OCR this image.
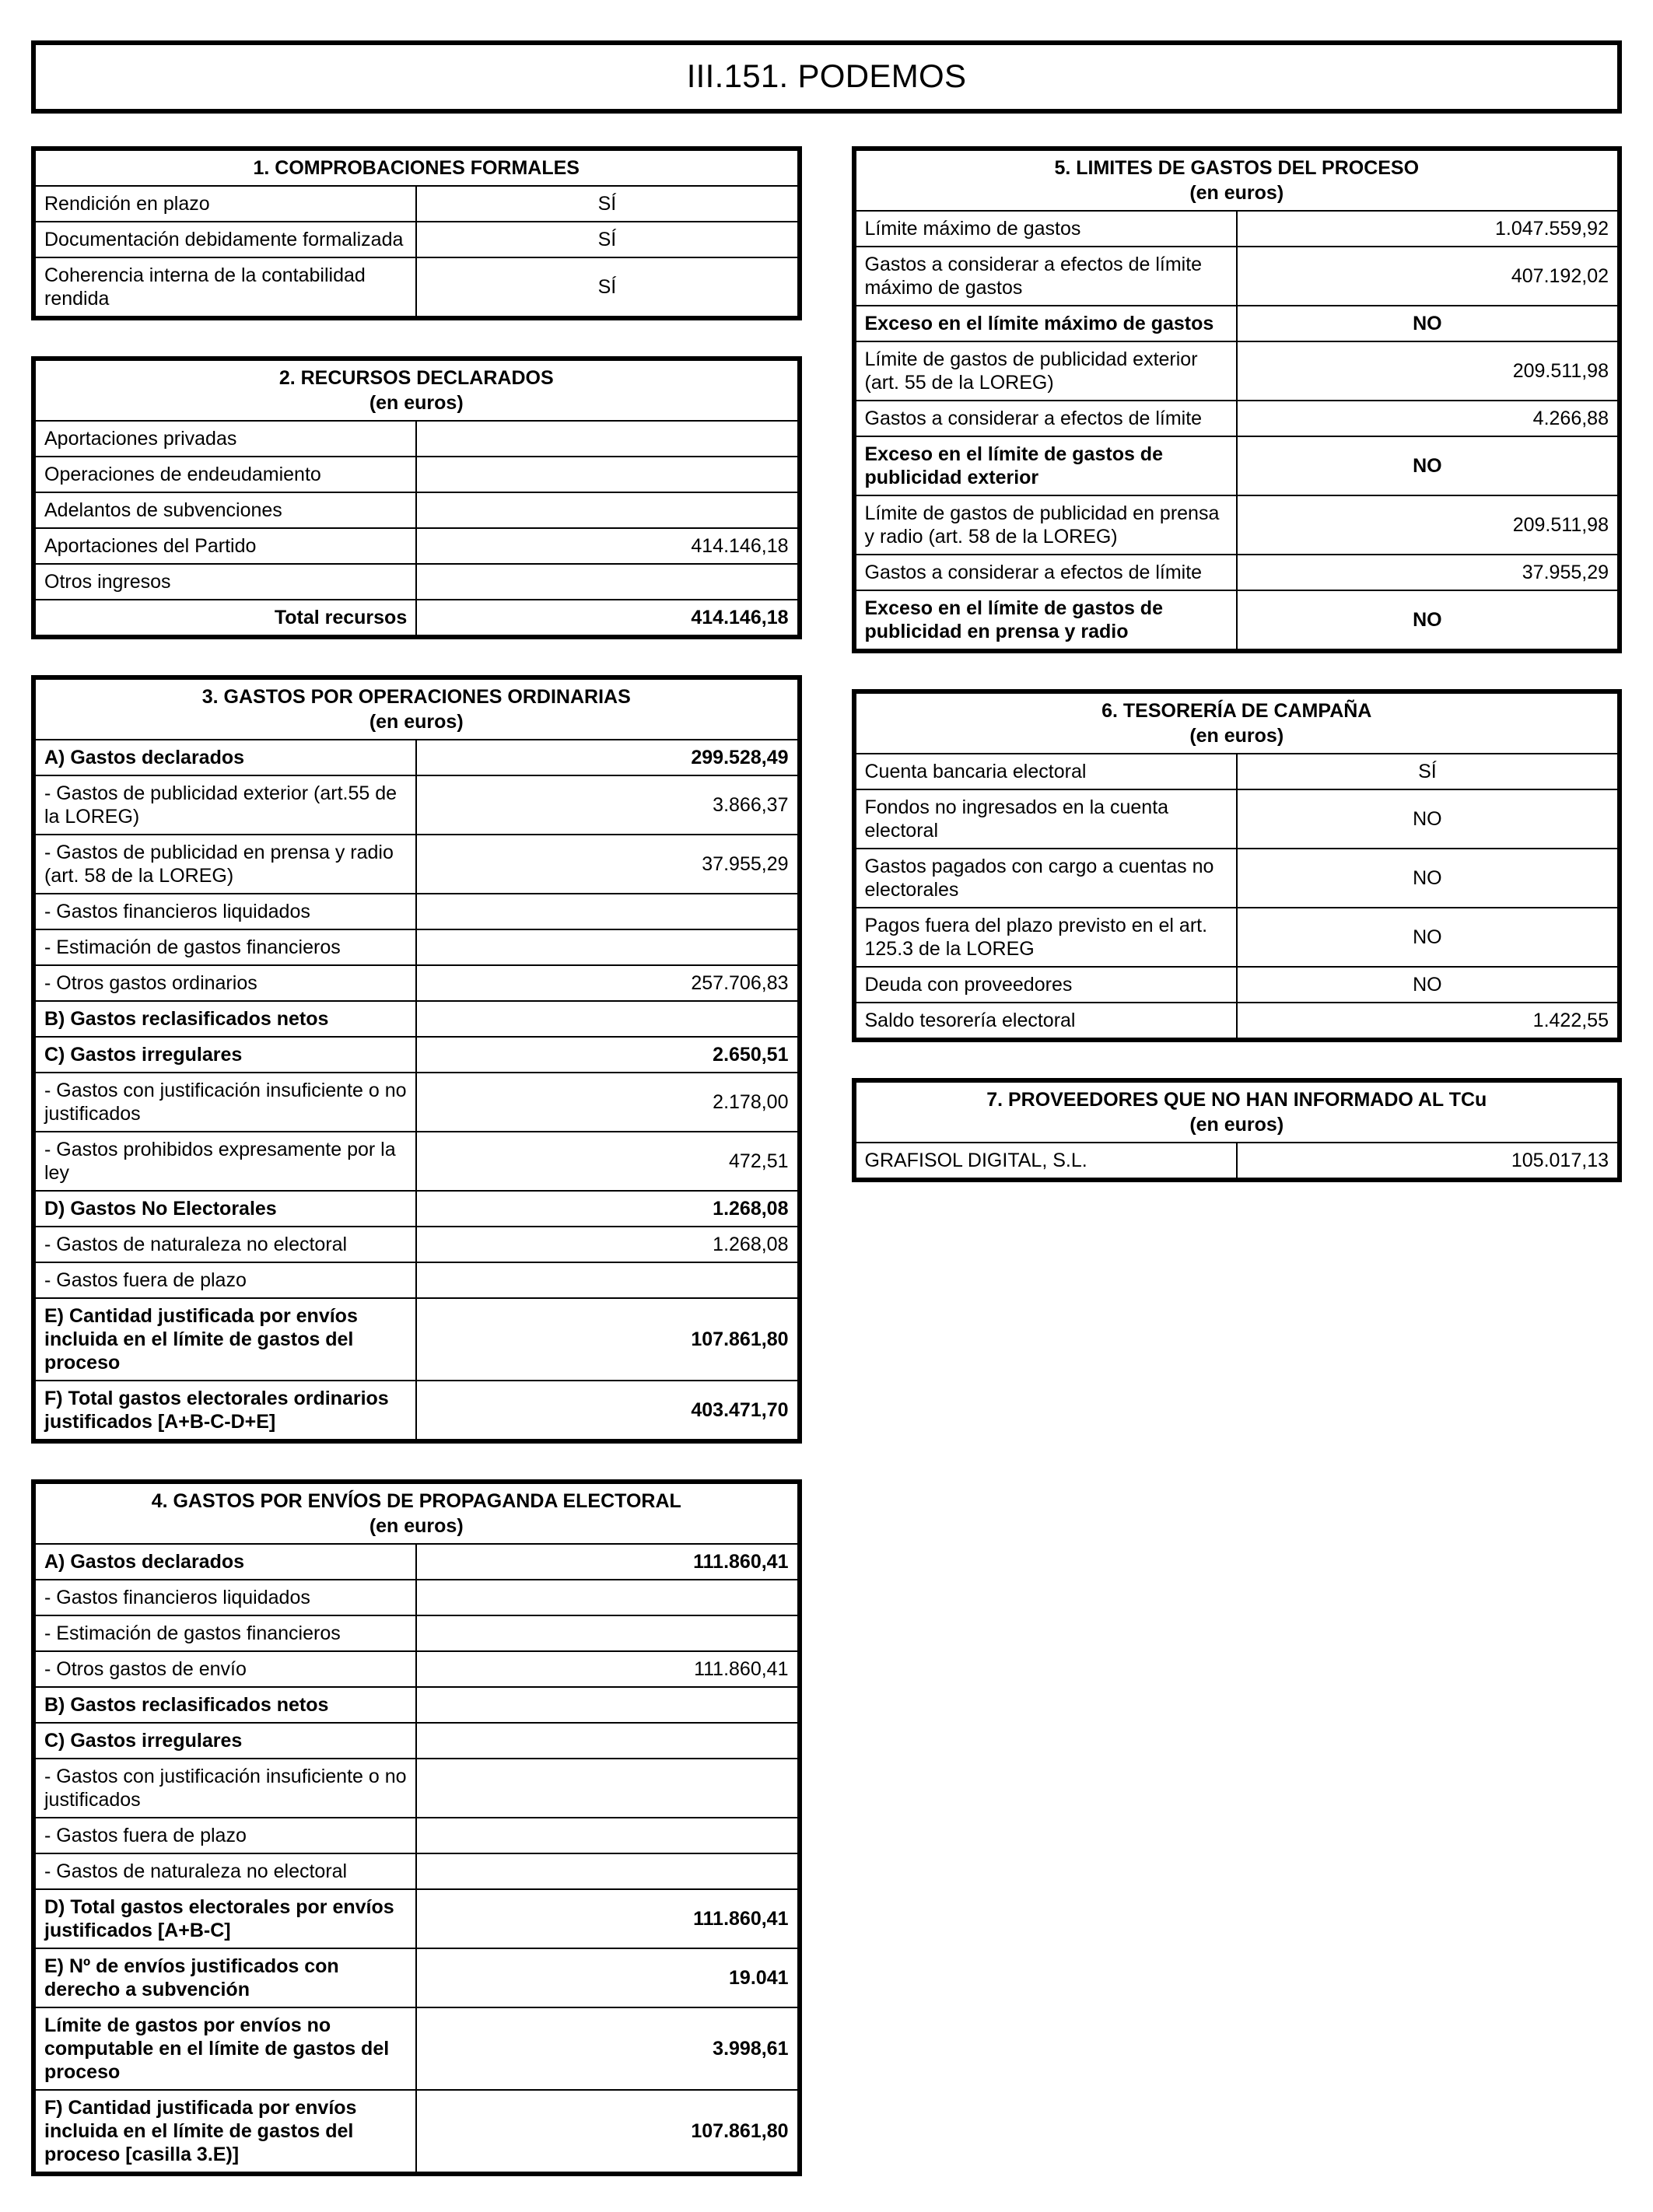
III.151. PODEMOS
1. COMPROBACIONES FORMALES	
Rendición en plazo	SÍ
Documentación debidamente formalizada	SÍ
Coherencia interna de la contabilidad rendida	SÍ
2. RECURSOS DECLARADOS
(en euros)	

Aportaciones privadas	
Operaciones de endeudamiento	
Adelantos de subvenciones	
Aportaciones del Partido	414.146,18
Otros ingresos	
Total recursos	414.146,18
3. GASTOS POR OPERACIONES ORDINARIAS
(en euros)	

A) Gastos declarados	299.528,49
- Gastos de publicidad exterior (art.55 de la LOREG)	3.866,37
- Gastos de publicidad en prensa y radio (art. 58 de la LOREG)	37.955,29
- Gastos financieros liquidados	
- Estimación de gastos financieros	
- Otros gastos ordinarios	257.706,83
B) Gastos reclasificados netos	
C) Gastos irregulares	2.650,51
- Gastos con justificación insuficiente o no justificados	2.178,00
- Gastos prohibidos expresamente por la ley	472,51
D) Gastos No Electorales	1.268,08
- Gastos de naturaleza no electoral	1.268,08
- Gastos fuera de plazo	
E) Cantidad justificada por envíos incluida en el límite de gastos del proceso	107.861,80
F) Total gastos electorales ordinarios justificados [A+B-C-D+E]	403.471,70
4. GASTOS POR ENVÍOS DE PROPAGANDA ELECTORAL
(en euros)	

A) Gastos declarados	111.860,41
- Gastos financieros liquidados	
- Estimación de gastos financieros	
- Otros gastos de envío	111.860,41
B) Gastos reclasificados netos	
C) Gastos irregulares	
- Gastos con justificación insuficiente o no justificados	
- Gastos fuera de plazo	
- Gastos de naturaleza no electoral	
D) Total gastos electorales por envíos justificados [A+B-C]	111.860,41
E) Nº de envíos justificados con derecho a subvención	19.041
Límite de gastos por envíos no computable en el límite de gastos del proceso	3.998,61
F) Cantidad justificada por envíos incluida en el límite de gastos del proceso [casilla 3.E)]	107.861,80
5. LIMITES DE GASTOS DEL PROCESO
(en euros)	

Límite máximo de gastos	1.047.559,92
Gastos a considerar a efectos de límite máximo de gastos	407.192,02
Exceso en el límite máximo de gastos	NO
Límite de gastos de publicidad exterior (art. 55 de la LOREG)	209.511,98
Gastos a considerar a efectos de límite	4.266,88
Exceso en el límite de gastos de publicidad exterior	NO
Límite de gastos de publicidad en prensa y radio (art. 58 de la LOREG)	209.511,98
Gastos a considerar a efectos de límite	37.955,29
Exceso en el límite de gastos de publicidad en prensa y radio	NO
6. TESORERÍA DE CAMPAÑA
(en euros)	

Cuenta bancaria electoral	SÍ
Fondos no ingresados en la cuenta electoral	NO
Gastos pagados con cargo a cuentas no electorales	NO
Pagos fuera del plazo previsto en el art. 125.3 de la LOREG	NO
Deuda con proveedores	NO
Saldo tesorería electoral	1.422,55
7. PROVEEDORES QUE NO HAN INFORMADO AL TCu
(en euros)

GRAFISOL DIGITAL, S.L.	105.017,13
